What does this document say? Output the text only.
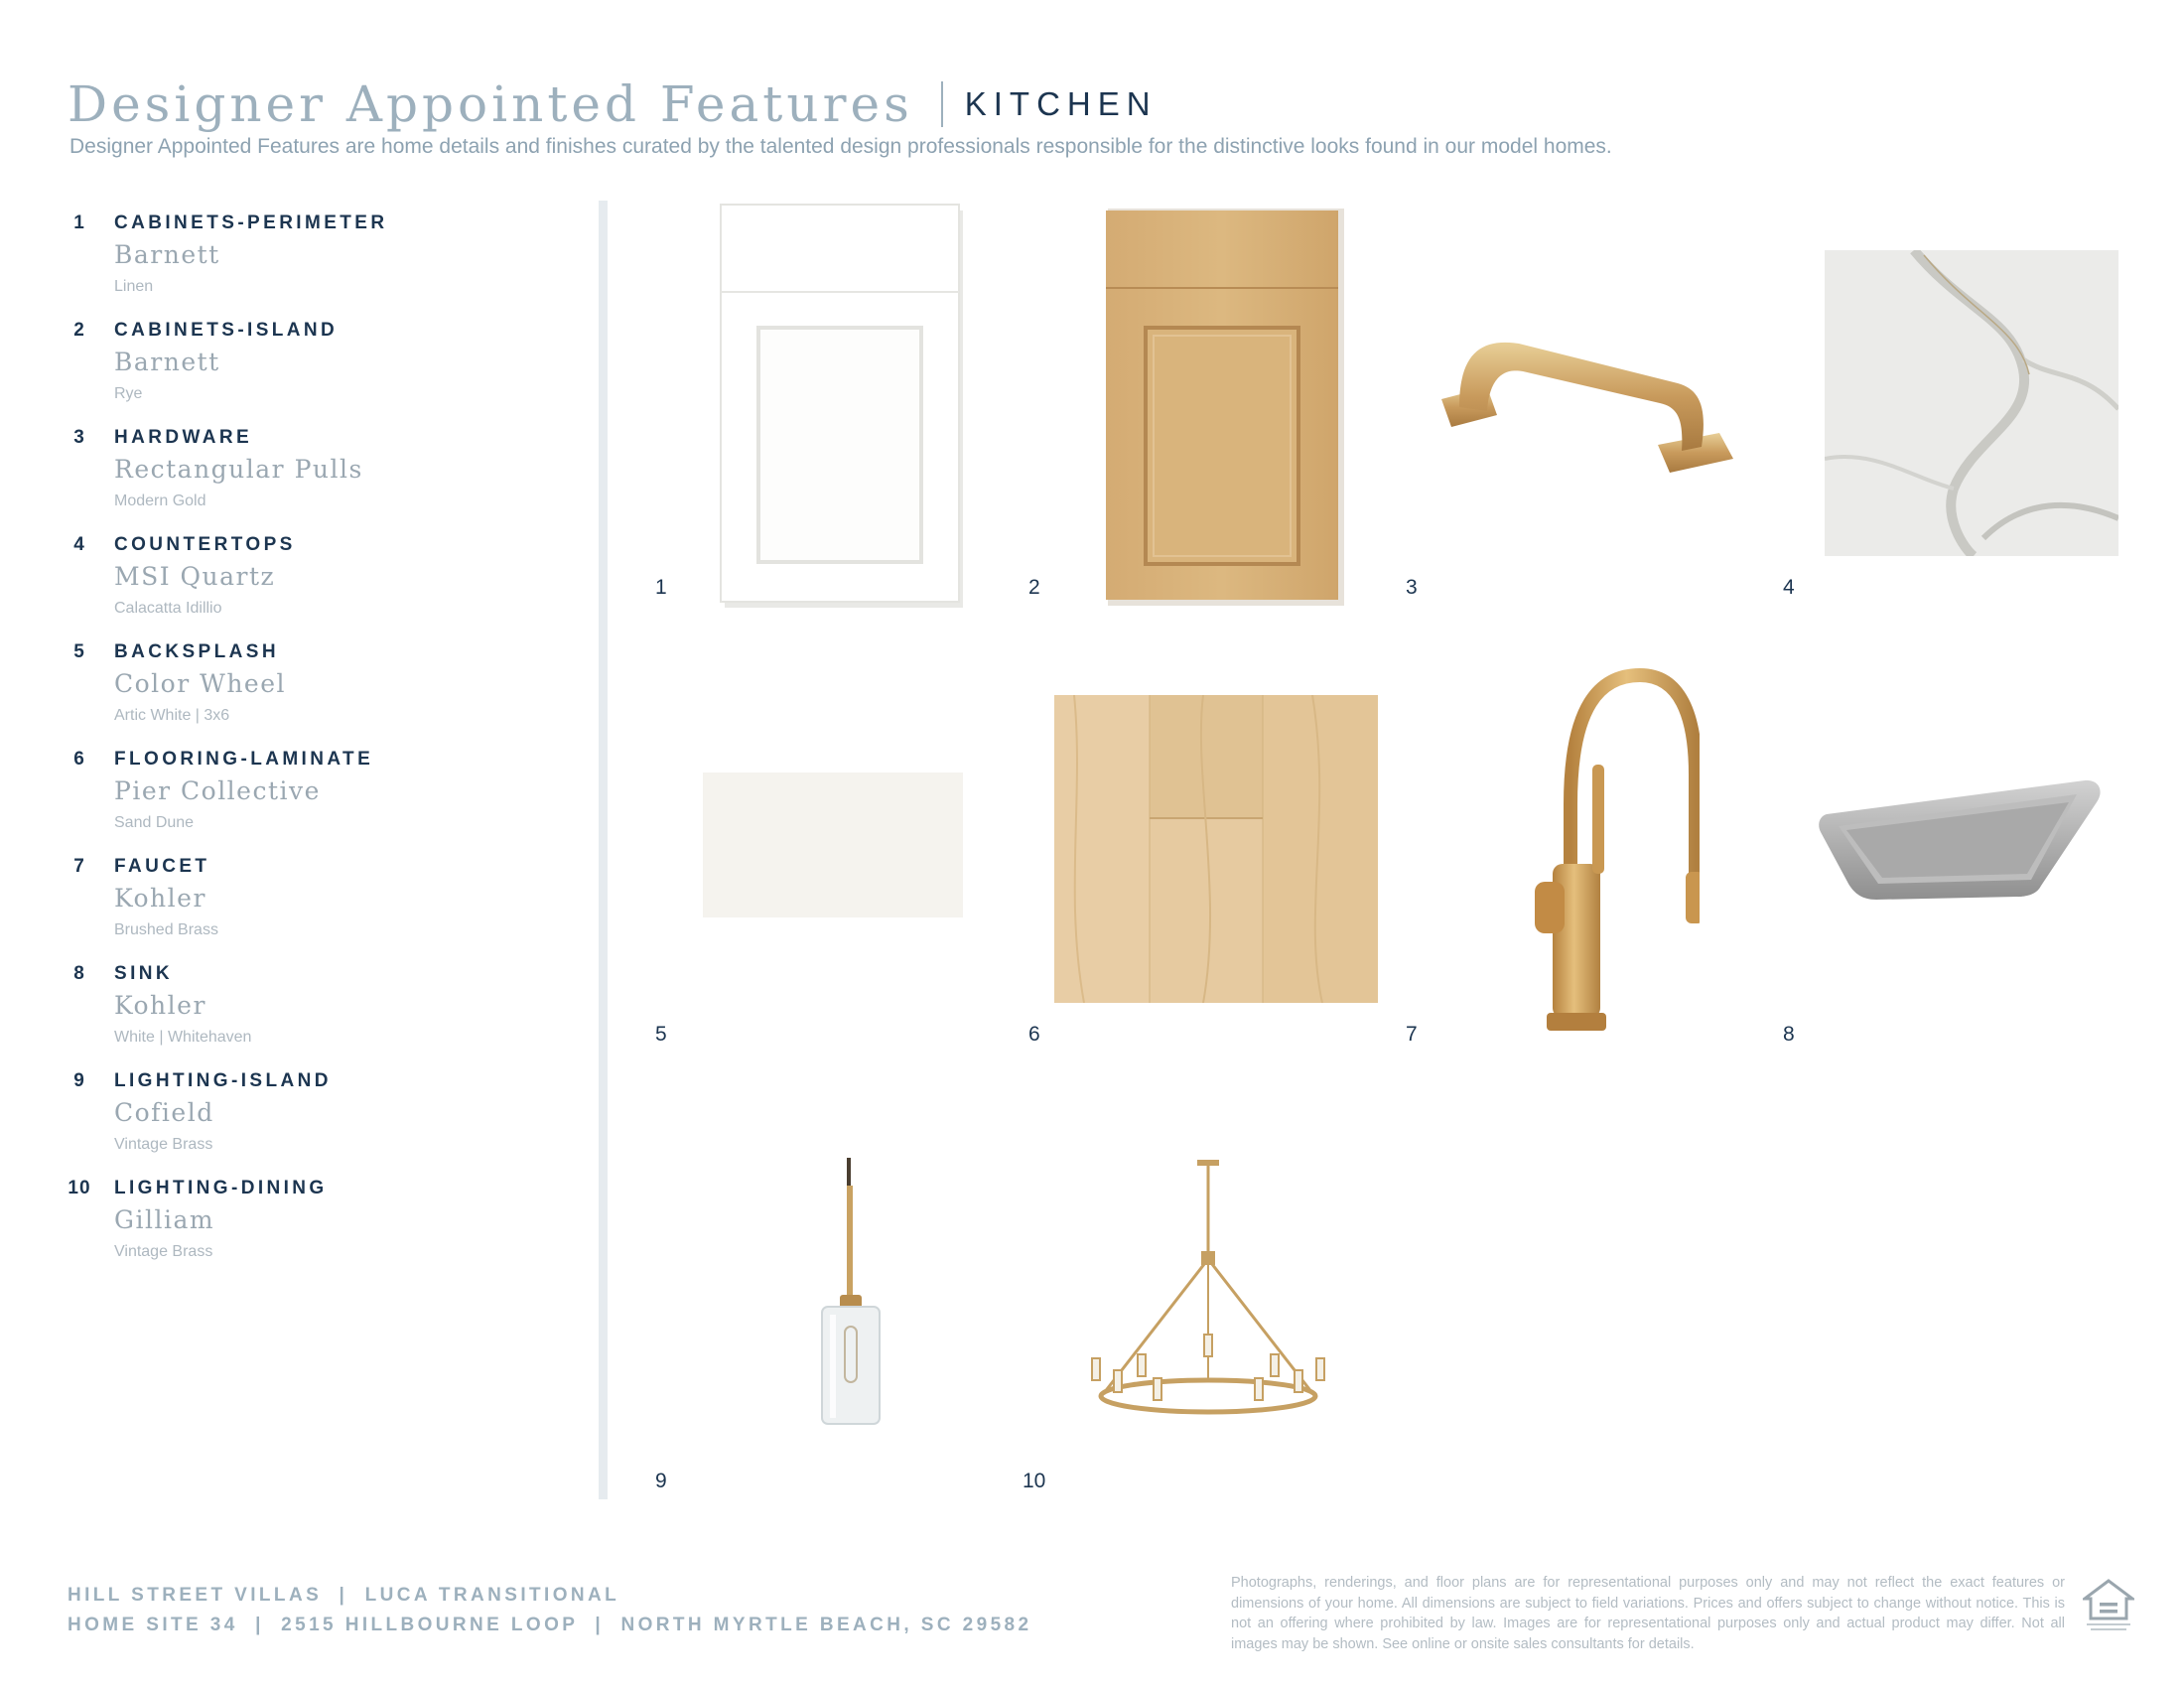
Designer Appointed Features KITCHEN
Designer Appointed Features are home details and finishes curated by the talented design professionals responsible for the distinctive looks found in our model homes.
1	CABINETS-PERIMETER
Barnett
Linen
2	CABINETS-ISLAND
Barnett
Rye
3	HARDWARE
Rectangular Pulls
Modern Gold
4	COUNTERTOPS
MSI Quartz
Calacatta Idillio
5	BACKSPLASH
Color Wheel
Artic White | 3x6
6	FLOORING-LAMINATE
Pier Collective
Sand Dune
7	FAUCET
Kohler
Brushed Brass
8	SINK
Kohler
White | Whitehaven
9	LIGHTING-ISLAND
Cofield
Vintage Brass
10	LIGHTING-DINING
Gilliam
Vintage Brass
1	2	3	4
5	6	7	8
9	10
HILL STREET VILLAS  |  LUCA TRANSITIONAL
HOME SITE 34  |  2515 HILLBOURNE LOOP  |  NORTH MYRTLE BEACH, SC 29582
Photographs, renderings, and floor plans are for representational purposes only and may not reflect the exact features or dimensions of your home. All dimensions are subject to field variations. Prices and offers subject to change without notice. This is not an offering where prohibited by law. Images are for representational purposes only and actual product may differ. Not all images may be shown. See online or onsite sales consultants for details.
